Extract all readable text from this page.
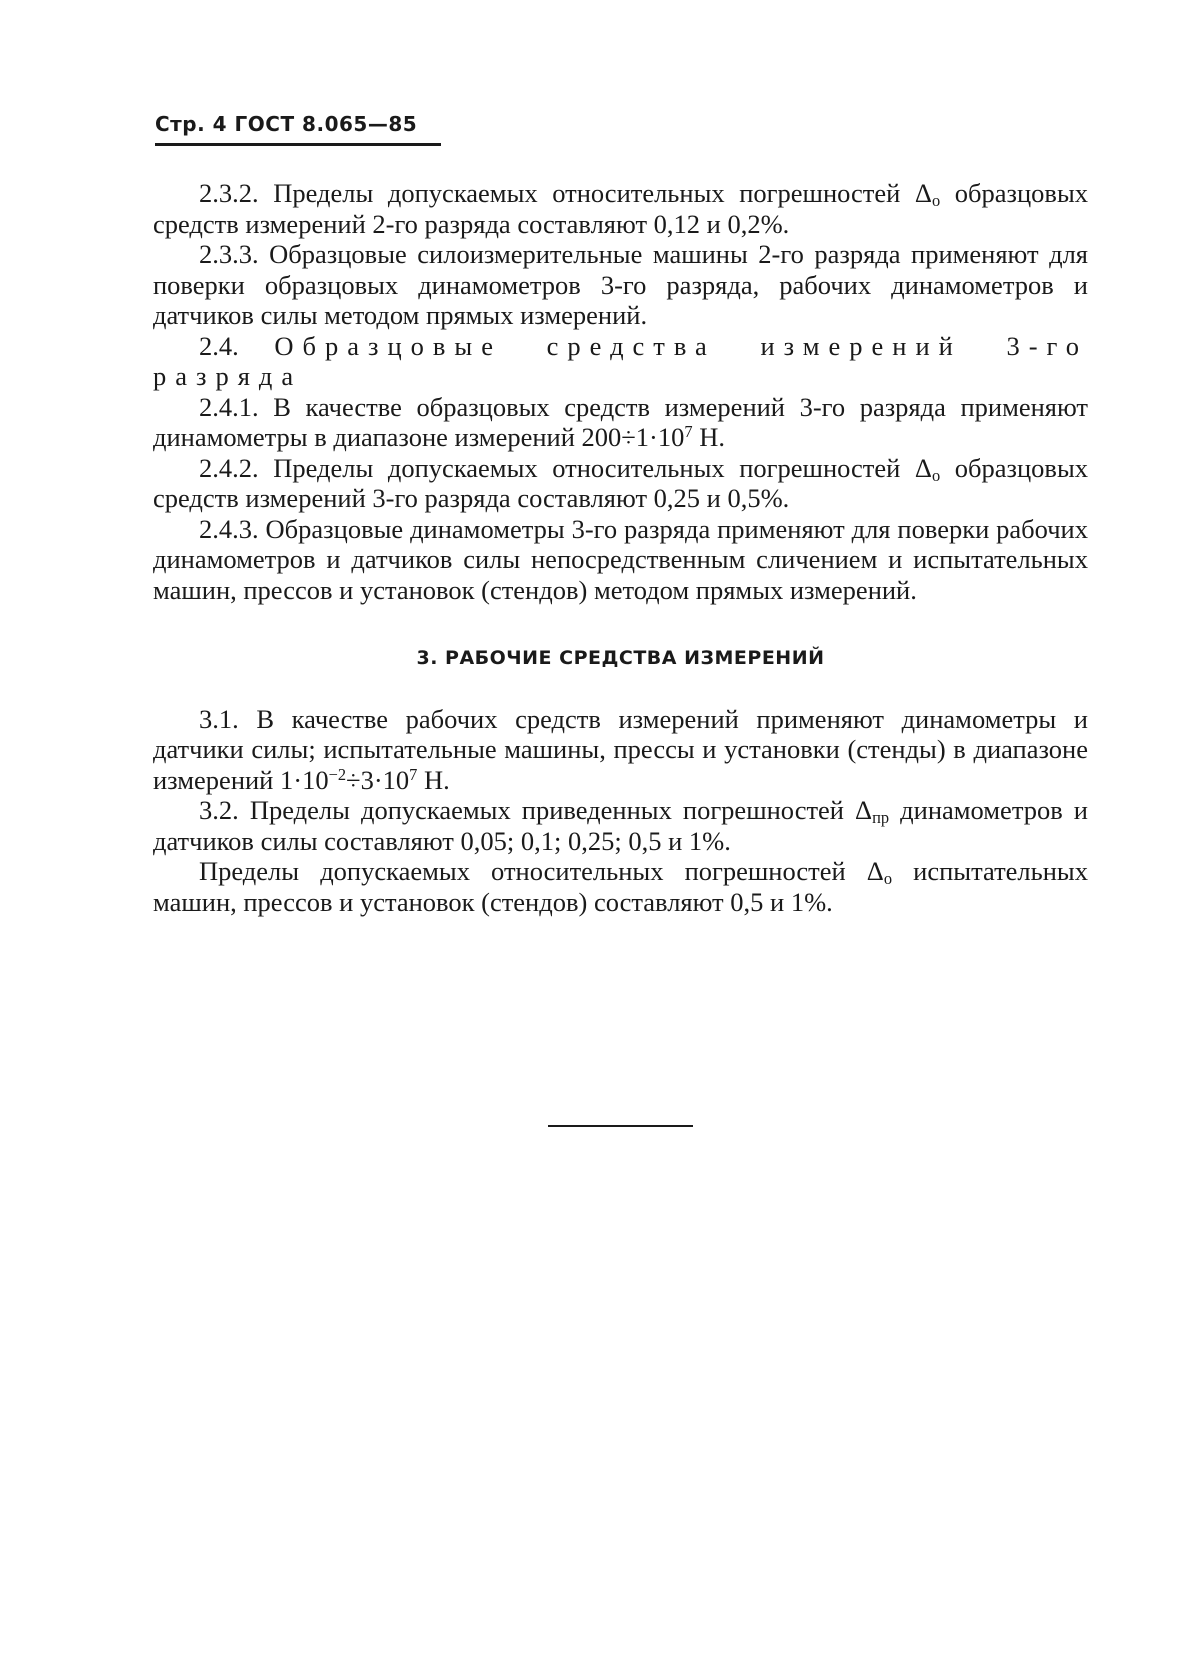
Стр. 4 ГОСТ 8.065—85

2.3.2. Пределы допускаемых относительных погрешностей $\Delta_o$ образцовых средств измерений 2-го разряда составляют 0,12 и 0,2%.

2.3.3. Образцовые силоизмерительные машины 2-го разряда применяют для поверки образцовых динамометров 3-го разряда, рабочих динамометров и датчиков силы методом прямых измерений.

2.4. Образцовые средства измерений 3-го разряда

2.4.1. В качестве образцовых средств измерений 3-го разряда применяют динамометры в диапазоне измерений $200\div 1\cdot 10^7$ Н.

2.4.2. Пределы допускаемых относительных погрешностей $\Delta_o$ образцовых средств измерений 3-го разряда составляют 0,25 и 0,5%.

2.4.3. Образцовые динамометры 3-го разряда применяют для поверки рабочих динамометров и датчиков силы непосредственным сличением и испытательных машин, прессов и установок (стендов) методом прямых измерений.

3. РАБОЧИЕ СРЕДСТВА ИЗМЕРЕНИЙ

3.1. В качестве рабочих средств измерений применяют динамометры и датчики силы; испытательные машины, прессы и установки (стенды) в диапазоне измерений $1\cdot 10^{-2}\div 3\cdot 10^7$ Н.

3.2. Пределы допускаемых приведенных погрешностей $\Delta_{пр}$ динамометров и датчиков силы составляют 0,05; 0,1; 0,25; 0,5 и 1%.

Пределы допускаемых относительных погрешностей $\Delta_o$ испытательных машин, прессов и установок (стендов) составляют 0,5 и 1%.
